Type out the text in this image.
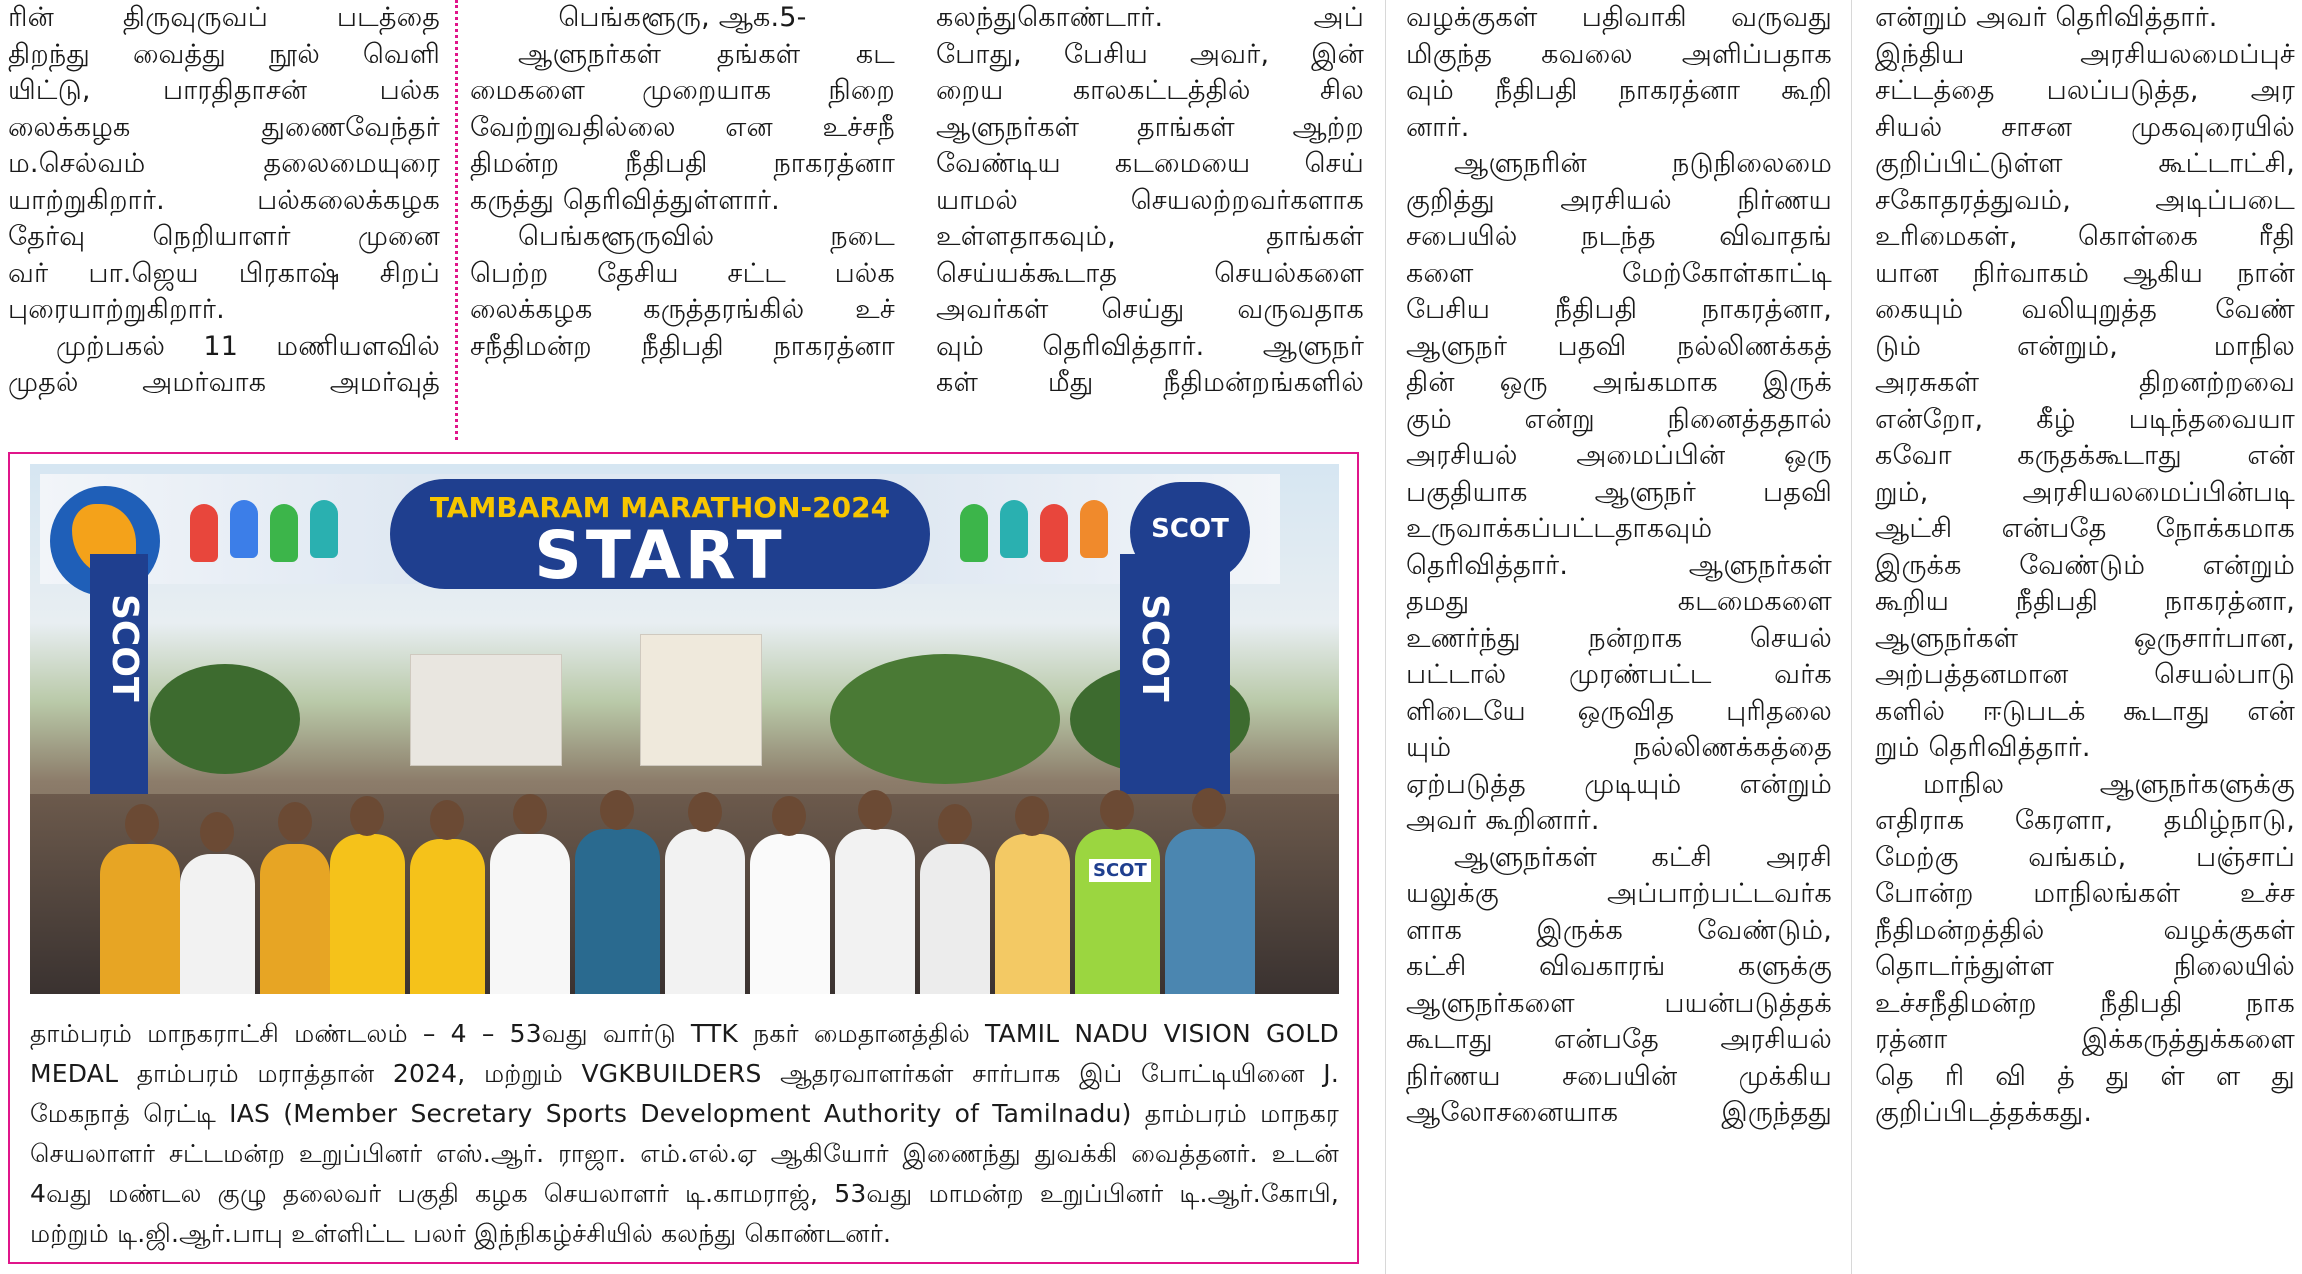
ரின் திருவுருவப் படத்தை
திறந்து வைத்து நூல் வெளி
யிட்டு, பாரதிதாசன் பல்க
லைக்கழக துணைவேந்தர்
ம.செல்வம் தலைமையுரை
யாற்றுகிறார். பல்கலைக்கழக
தேர்வு நெறியாளர் முனை
வர் பா.ஜெய பிரகாஷ் சிறப்
புரையாற்றுகிறார்.
முற்பகல் 11 மணியளவில்
முதல் அமர்வாக அமர்வுத்
பெங்களூரு, ஆக.5-
ஆளுநர்கள் தங்கள் கட
மைகளை முறையாக நிறை
வேற்றுவதில்லை என உச்சநீ
திமன்ற நீதிபதி நாகரத்னா
கருத்து தெரிவித்துள்ளார்.
பெங்களூருவில் நடை
பெற்ற தேசிய சட்ட பல்க
லைக்கழக கருத்தரங்கில் உச்
சநீதிமன்ற நீதிபதி நாகரத்னா
கலந்துகொண்டார். அப்
போது, பேசிய அவர், இன்
றைய காலகட்டத்தில் சில
ஆளுநர்கள் தாங்கள் ஆற்ற
வேண்டிய கடமையை செய்
யாமல் செயலற்றவர்களாக
உள்ளதாகவும், தாங்கள்
செய்யக்கூடாத செயல்களை
அவர்கள் செய்து வருவதாக
வும் தெரிவித்தார். ஆளுநர்
கள் மீது நீதிமன்றங்களில்
வழக்குகள் பதிவாகி வருவது
மிகுந்த கவலை அளிப்பதாக
வும் நீதிபதி நாகரத்னா கூறி
னார்.
ஆளுநரின் நடுநிலைமை
குறித்து அரசியல் நிர்ணய
சபையில் நடந்த விவாதங்
களை மேற்கோள்காட்டி
பேசிய நீதிபதி நாகரத்னா,
ஆளுநர் பதவி நல்லிணக்கத்
தின் ஒரு அங்கமாக இருக்
கும் என்று நினைத்ததால்
அரசியல் அமைப்பின் ஒரு
பகுதியாக ஆளுநர் பதவி
உருவாக்கப்பட்டதாகவும்
தெரிவித்தார். ஆளுநர்கள்
தமது கடமைகளை
உணர்ந்து நன்றாக செயல்
பட்டால் முரண்பட்ட வர்க
ளிடையே ஒருவித புரிதலை
யும் நல்லிணக்கத்தை
ஏற்படுத்த முடியும் என்றும்
அவர் கூறினார்.
ஆளுநர்கள் கட்சி அரசி
யலுக்கு அப்பாற்பட்டவர்க
ளாக இருக்க வேண்டும்,
கட்சி விவகாரங் களுக்கு
ஆளுநர்களை பயன்படுத்தக்
கூடாது என்பதே அரசியல்
நிர்ணய சபையின் முக்கிய
ஆலோசனையாக இருந்தது
என்றும் அவர் தெரிவித்தார்.
இந்திய அரசியலமைப்புச்
சட்டத்தை பலப்படுத்த, அர
சியல் சாசன முகவுரையில்
குறிப்பிட்டுள்ள கூட்டாட்சி,
சகோதரத்துவம், அடிப்படை
உரிமைகள், கொள்கை ரீதி
யான நிர்வாகம் ஆகிய நான்
கையும் வலியுறுத்த வேண்
டும் என்றும், மாநில
அரசுகள் திறனற்றவை
என்றோ, கீழ் படிந்தவையா
கவோ கருதக்கூடாது என்
றும், அரசியலமைப்பின்படி
ஆட்சி என்பதே நோக்கமாக
இருக்க வேண்டும் என்றும்
கூறிய நீதிபதி நாகரத்னா,
ஆளுநர்கள் ஒருசார்பான,
அற்பத்தனமான செயல்பாடு
களில் ஈடுபடக் கூடாது என்
றும் தெரிவித்தார்.
மாநில ஆளுநர்களுக்கு
எதிராக கேரளா, தமிழ்நாடு,
மேற்கு வங்கம், பஞ்சாப்
போன்ற மாநிலங்கள் உச்ச
நீதிமன்றத்தில் வழக்குகள்
தொடர்ந்துள்ள நிலையில்
உச்சநீதிமன்ற நீதிபதி நாக
ரத்னா இக்கருத்துக்களை
தெ ரி வி த் து ள் ள து
குறிப்பிடத்தக்கது.
TAMBARAM MARATHON-2024
START	SCOT
SCOT	SCOT
SCOT
தாம்பரம் மாநகராட்சி மண்டலம் – 4 – 53வது வார்டு TTK நகர் மைதானத்தில் TAMIL NADU VISION GOLD
MEDAL தாம்பரம் மராத்தான் 2024, மற்றும் VGKBUILDERS ஆதரவாளர்கள் சார்பாக இப் போட்டியினை J.
மேகநாத் ரெட்டி IAS (Member Secretary Sports Development Authority of Tamilnadu) தாம்பரம் மாநகர
செயலாளர் சட்டமன்ற உறுப்பினர் எஸ்.ஆர். ராஜா. எம்.எல்.ஏ ஆகியோர் இணைந்து துவக்கி வைத்தனர். உடன்
4வது மண்டல குழு தலைவர் பகுதி கழக செயலாளர் டி.காமராஜ், 53வது மாமன்ற உறுப்பினர் டி.ஆர்.கோபி,
மற்றும் டி.ஜி.ஆர்.பாபு உள்ளிட்ட பலர் இந்நிகழ்ச்சியில் கலந்து கொண்டனர்.
